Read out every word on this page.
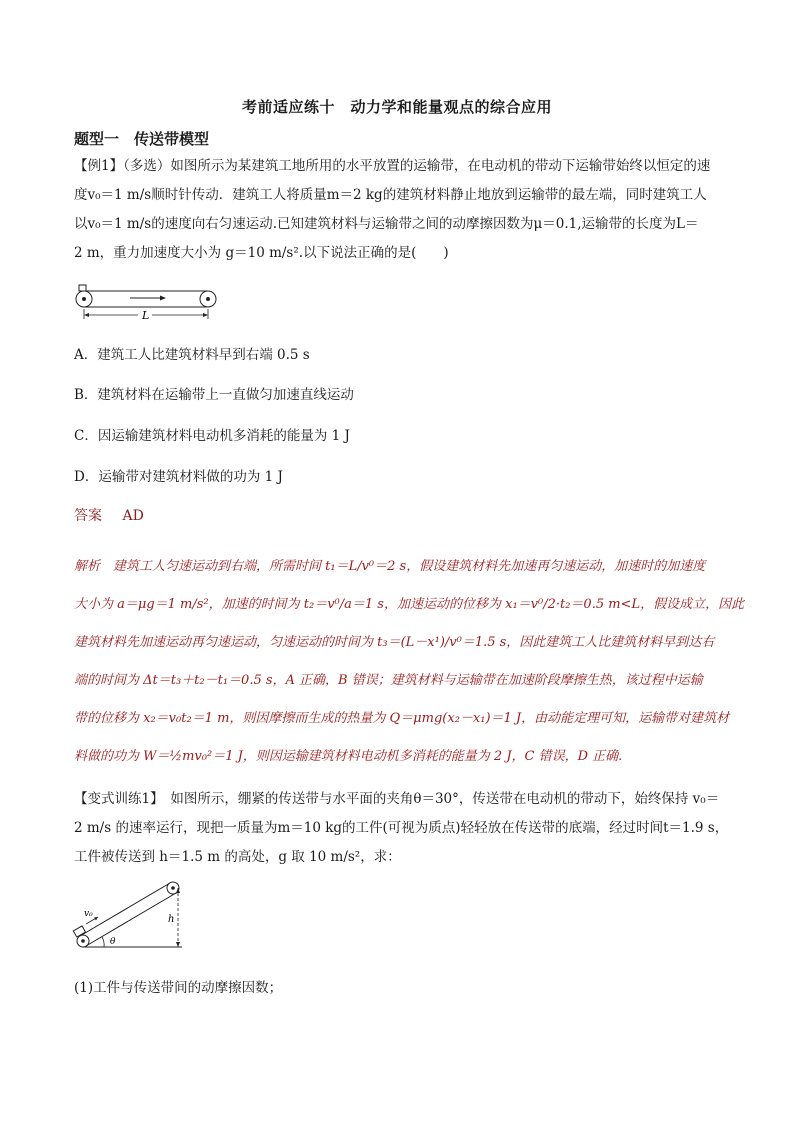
考前适应练十　动力学和能量观点的综合应用
题型一　传送带模型
【例1】（多选）如图所示为某建筑工地所用的水平放置的运输带，在电动机的带动下运输带始终以恒定的速
度v₀＝1 m/s顺时针传动．建筑工人将质量m＝2 kg的建筑材料静止地放到运输带的最左端，同时建筑工人
以v₀＝1 m/s的速度向右匀速运动.已知建筑材料与运输带之间的动摩擦因数为μ＝0.1,运输带的长度为L＝
2 m，重力加速度大小为 g＝10 m/s².以下说法正确的是(　　)
L
A．建筑工人比建筑材料早到右端 0.5 s
B．建筑材料在运输带上一直做匀加速直线运动
C．因运输建筑材料电动机多消耗的能量为 1 J
D．运输带对建筑材料做的功为 1 J
答案 AD
解析　建筑工人匀速运动到右端，所需时间 t₁＝L/v⁰＝2 s，假设建筑材料先加速再匀速运动，加速时的加速度
大小为 a＝μg＝1 m/s²，加速的时间为 t₂＝v⁰/a＝1 s，加速运动的位移为 x₁＝v⁰/2·t₂＝0.5 m<L，假设成立，因此
建筑材料先加速运动再匀速运动，匀速运动的时间为 t₃＝(L－x¹)/v⁰＝1.5 s，因此建筑工人比建筑材料早到达右
端的时间为 Δt＝t₃＋t₂－t₁＝0.5 s，A 正确，B 错误；建筑材料与运输带在加速阶段摩擦生热，该过程中运输
带的位移为 x₂＝v₀t₂＝1 m，则因摩擦而生成的热量为 Q＝μmg(x₂－x₁)＝1 J，由动能定理可知，运输带对建筑材
料做的功为 W＝½mv₀²＝1 J，则因运输建筑材料电动机多消耗的能量为 2 J，C 错误，D 正确.
【变式训练1】　如图所示，绷紧的传送带与水平面的夹角θ＝30°，传送带在电动机的带动下，始终保持 v₀＝
2 m/s 的速率运行，现把一质量为m＝10 kg的工件(可视为质点)轻轻放在传送带的底端，经过时间t＝1.9 s，
工件被传送到 h＝1.5 m 的高处，g 取 10 m/s²，求：
v₀	h
θ
(1)工件与传送带间的动摩擦因数；
